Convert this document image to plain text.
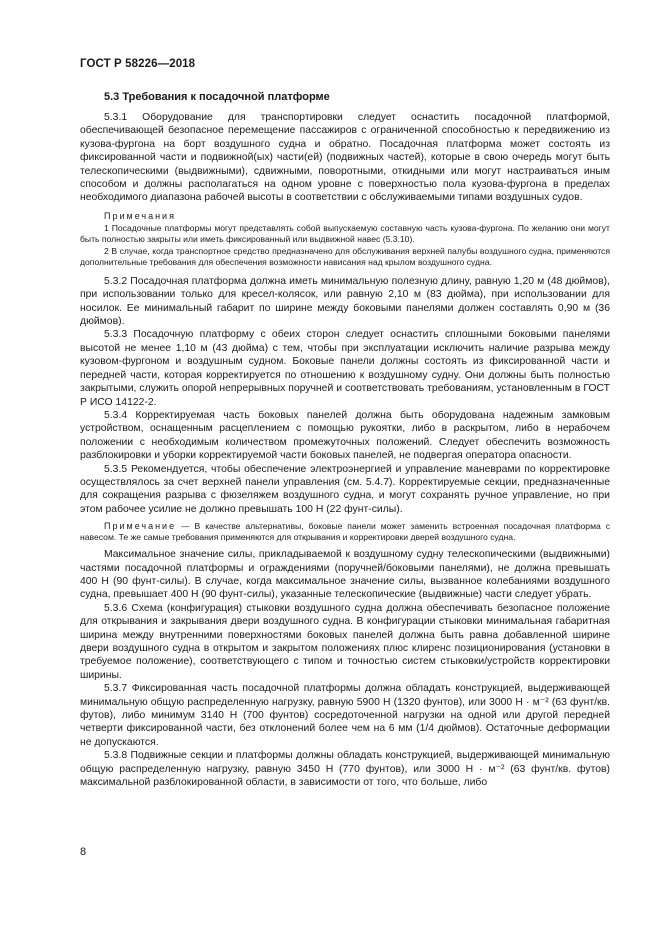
ГОСТ Р 58226—2018
5.3 Требования к посадочной платформе

5.3.1 Оборудование для транспортировки следует оснастить посадочной платформой, обеспечивающей безопасное перемещение пассажиров с ограниченной способностью к передвижению из кузова-фургона на борт воздушного судна и обратно. Посадочная платформа может состоять из фиксированной части и подвижной(ых) части(ей) (подвижных частей), которые в свою очередь могут быть телескопическими (выдвижными), сдвижными, поворотными, откидными или могут настраиваться иным способом и должны располагаться на одном уровне с поверхностью пола кузова-фургона в пределах необходимого диапазона рабочей высоты в соответствии с обслуживаемыми типами воздушных судов.

Примечания

1 Посадочные платформы могут представлять собой выпускаемую составную часть кузова-фургона. По желанию они могут быть полностью закрыты или иметь фиксированный или выдвижной навес (5.3.10).

2 В случае, когда транспортное средство предназначено для обслуживания верхней палубы воздушного судна, применяются дополнительные требования для обеспечения возможности нависания над крылом воздушного судна.

5.3.2 Посадочная платформа должна иметь минимальную полезную длину, равную 1,20 м (48 дюймов), при использовании только для кресел-колясок, или равную 2,10 м (83 дюйма), при использовании для носилок. Ее минимальный габарит по ширине между боковыми панелями должен составлять 0,90 м (36 дюймов).

5.3.3 Посадочную платформу с обеих сторон следует оснастить сплошными боковыми панелями высотой не менее 1,10 м (43 дюйма) с тем, чтобы при эксплуатации исключить наличие разрыва между кузовом-фургоном и воздушным судном. Боковые панели должны состоять из фиксированной части и передней части, которая корректируется по отношению к воздушному судну. Они должны быть полностью закрытыми, служить опорой непрерывных поручней и соответствовать требованиям, установленным в ГОСТ Р ИСО 14122-2.

5.3.4 Корректируемая часть боковых панелей должна быть оборудована надежным замковым устройством, оснащенным расцеплением с помощью рукоятки, либо в раскрытом, либо в нерабочем положении с необходимым количеством промежуточных положений. Следует обеспечить возможность разблокировки и уборки корректируемой части боковых панелей, не подвергая оператора опасности.

5.3.5 Рекомендуется, чтобы обеспечение электроэнергией и управление маневрами по корректировке осуществлялось за счет верхней панели управления (см. 5.4.7). Корректируемые секции, предназначенные для сокращения разрыва с фюзеляжем воздушного судна, и могут сохранять ручное управление, но при этом рабочее усилие не должно превышать 100 Н (22 фунт-силы).

Примечание — В качестве альтернативы, боковые панели может заменить встроенная посадочная платформа с навесом. Те же самые требования применяются для открывания и корректировки дверей воздушного судна.

Максимальное значение силы, прикладываемой к воздушному судну телескопическими (выдвижными) частями посадочной платформы и ограждениями (поручней/боковыми панелями), не должна превышать 400 Н (90 фунт-силы). В случае, когда максимальное значение силы, вызванное колебаниями воздушного судна, превышает 400 Н (90 фунт-силы), указанные телескопические (выдвижные) части следует убрать.

5.3.6 Схема (конфигурация) стыковки воздушного судна должна обеспечивать безопасное положение для открывания и закрывания двери воздушного судна. В конфигурации стыковки минимальная габаритная ширина между внутренними поверхностями боковых панелей должна быть равна добавленной ширине двери воздушного судна в открытом и закрытом положениях плюс клиренс позиционирования (установки в требуемое положение), соответствующего с типом и точностью систем стыковки/устройств корректировки ширины.

5.3.7 Фиксированная часть посадочной платформы должна обладать конструкцией, выдерживающей минимальную общую распределенную нагрузку, равную 5900 Н (1320 фунтов), или 3000 Н · м⁻² (63 фунт/кв. футов), либо минимум 3140 Н (700 фунтов) сосредоточенной нагрузки на одной или другой передней четверти фиксированной части, без отклонений более чем на 6 мм (1/4 дюймов). Остаточные деформации не допускаются.

5.3.8 Подвижные секции и платформы должны обладать конструкцией, выдерживающей минимальную общую распределенную нагрузку, равную 3450 Н (770 фунтов), или 3000 Н · м⁻² (63 фунт/кв. футов) максимальной разблокированной области, в зависимости от того, что больше, либо

8
